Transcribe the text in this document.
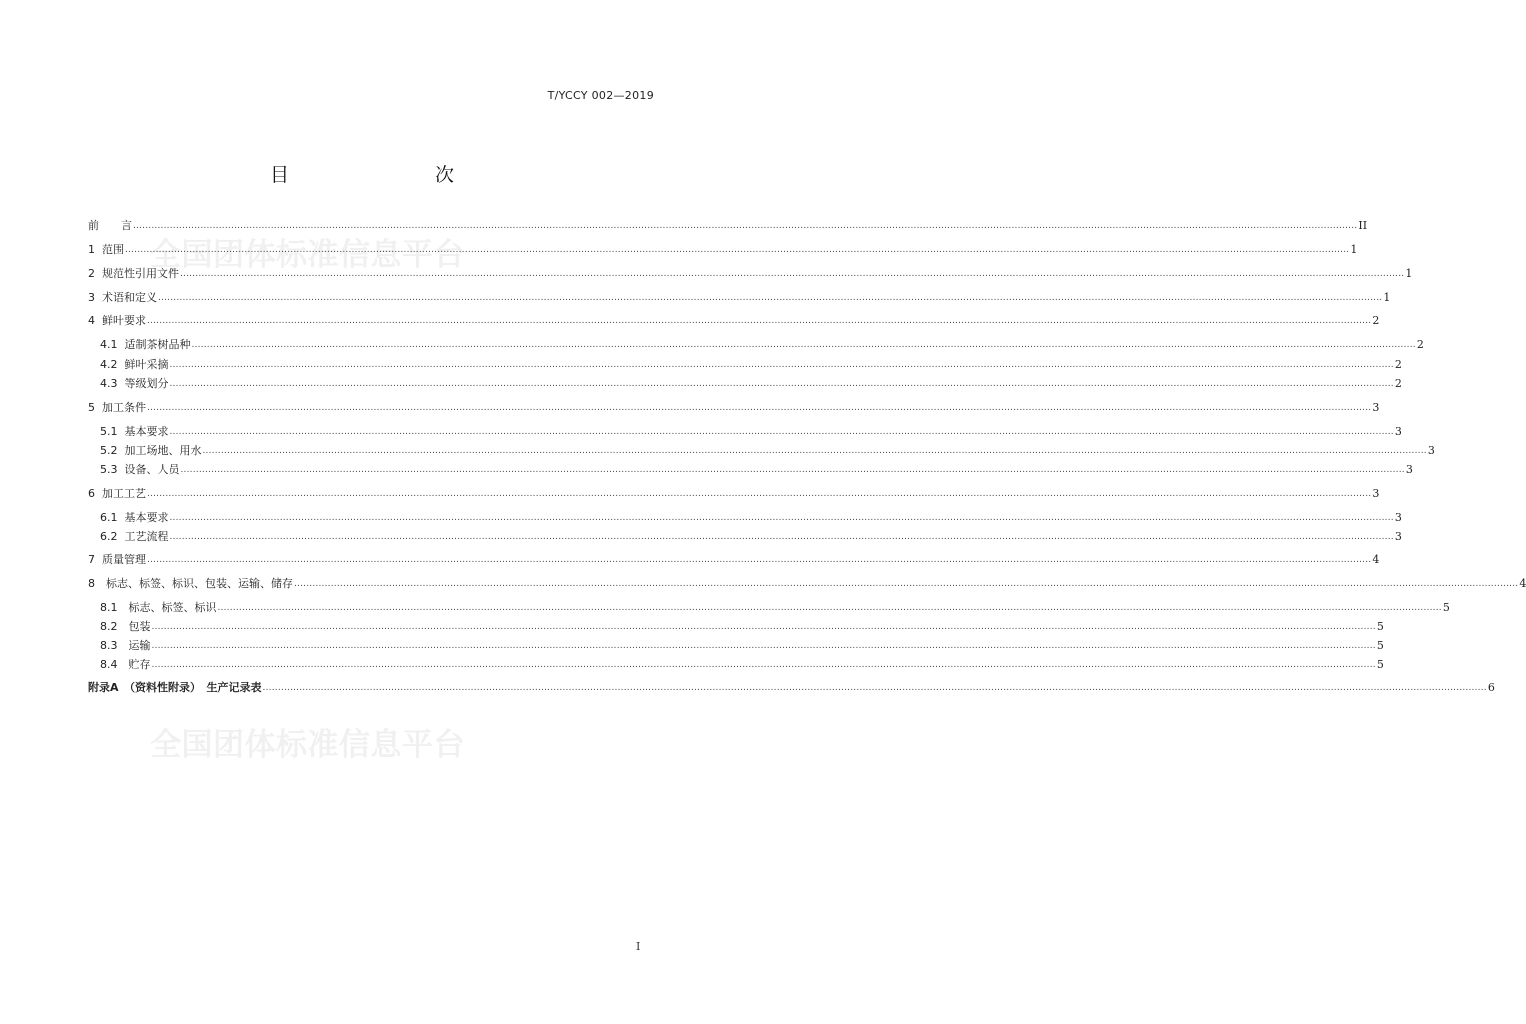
T/YCCY 002—2019
目　　次
全国团体标准信息平台
全国团体标准信息平台
前　　言 ................................................................................................................................................................................................................................................................................................................................................................................................................ II
1  范围 ................................................................................................................................................................................................................................................................................................................................................................................................................ 1
2  规范性引用文件 ................................................................................................................................................................................................................................................................................................................................................................................................................ 1
3  术语和定义 ................................................................................................................................................................................................................................................................................................................................................................................................................ 1
4  鲜叶要求 ................................................................................................................................................................................................................................................................................................................................................................................................................ 2
4.1  适制茶树品种 ................................................................................................................................................................................................................................................................................................................................................................................................................ 2
4.2  鲜叶采摘 ................................................................................................................................................................................................................................................................................................................................................................................................................ 2
4.3  等级划分 ................................................................................................................................................................................................................................................................................................................................................................................................................ 2
5  加工条件 ................................................................................................................................................................................................................................................................................................................................................................................................................ 3
5.1  基本要求 ................................................................................................................................................................................................................................................................................................................................................................................................................ 3
5.2  加工场地、用水 ................................................................................................................................................................................................................................................................................................................................................................................................................ 3
5.3  设备、人员 ................................................................................................................................................................................................................................................................................................................................................................................................................ 3
6  加工工艺 ................................................................................................................................................................................................................................................................................................................................................................................................................ 3
6.1  基本要求 ................................................................................................................................................................................................................................................................................................................................................................................................................ 3
6.2  工艺流程 ................................................................................................................................................................................................................................................................................................................................................................................................................ 3
7  质量管理 ................................................................................................................................................................................................................................................................................................................................................................................................................ 4
8　标志、标签、标识、包装、运输、储存 ................................................................................................................................................................................................................................................................................................................................................................................................................ 4
8.1　标志、标签、标识 ................................................................................................................................................................................................................................................................................................................................................................................................................ 5
8.2　包装 ................................................................................................................................................................................................................................................................................................................................................................................................................ 5
8.3　运输 ................................................................................................................................................................................................................................................................................................................................................................................................................ 5
8.4　贮存 ................................................................................................................................................................................................................................................................................................................................................................................................................ 5
附录A　（资料性附录）　生产记录表 ................................................................................................................................................................................................................................................................................................................................................................................................................ 6
I
